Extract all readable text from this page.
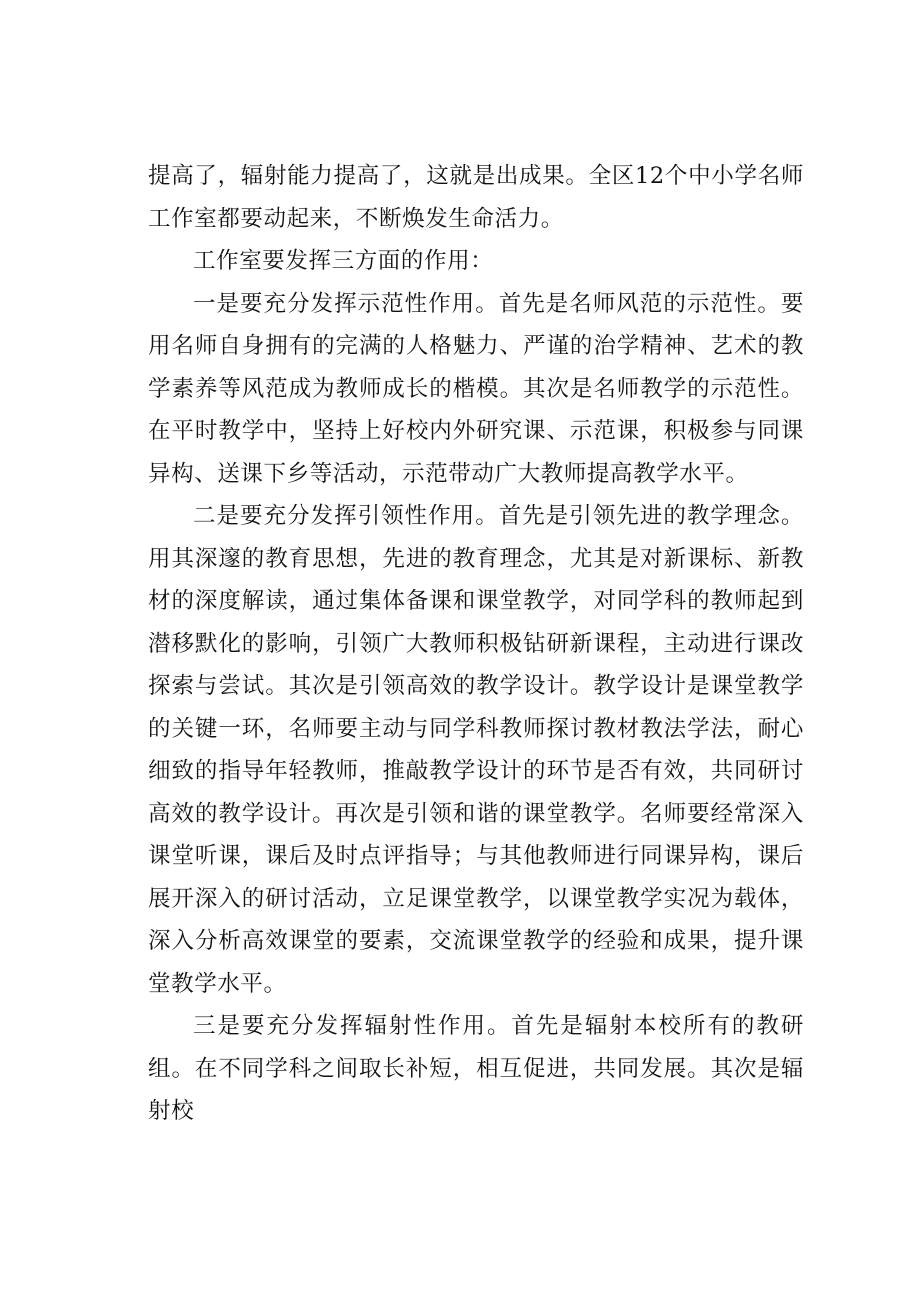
提高了，辐射能力提高了，这就是出成果。全区12个中小学名师工作室都要动起来，不断焕发生命活力。

工作室要发挥三方面的作用：

一是要充分发挥示范性作用。首先是名师风范的示范性。要用名师自身拥有的完满的人格魅力、严谨的治学精神、艺术的教学素养等风范成为教师成长的楷模。其次是名师教学的示范性。在平时教学中，坚持上好校内外研究课、示范课，积极参与同课异构、送课下乡等活动，示范带动广大教师提高教学水平。

二是要充分发挥引领性作用。首先是引领先进的教学理念。用其深邃的教育思想，先进的教育理念，尤其是对新课标、新教材的深度解读，通过集体备课和课堂教学，对同学科的教师起到潜移默化的影响，引领广大教师积极钻研新课程，主动进行课改探索与尝试。其次是引领高效的教学设计。教学设计是课堂教学的关键一环，名师要主动与同学科教师探讨教材教法学法，耐心细致的指导年轻教师，推敲教学设计的环节是否有效，共同研讨高效的教学设计。再次是引领和谐的课堂教学。名师要经常深入课堂听课，课后及时点评指导；与其他教师进行同课异构，课后展开深入的研讨活动，立足课堂教学，以课堂教学实况为载体，深入分析高效课堂的要素，交流课堂教学的经验和成果，提升课堂教学水平。

三是要充分发挥辐射性作用。首先是辐射本校所有的教研组。在不同学科之间取长补短，相互促进，共同发展。其次是辐射校
